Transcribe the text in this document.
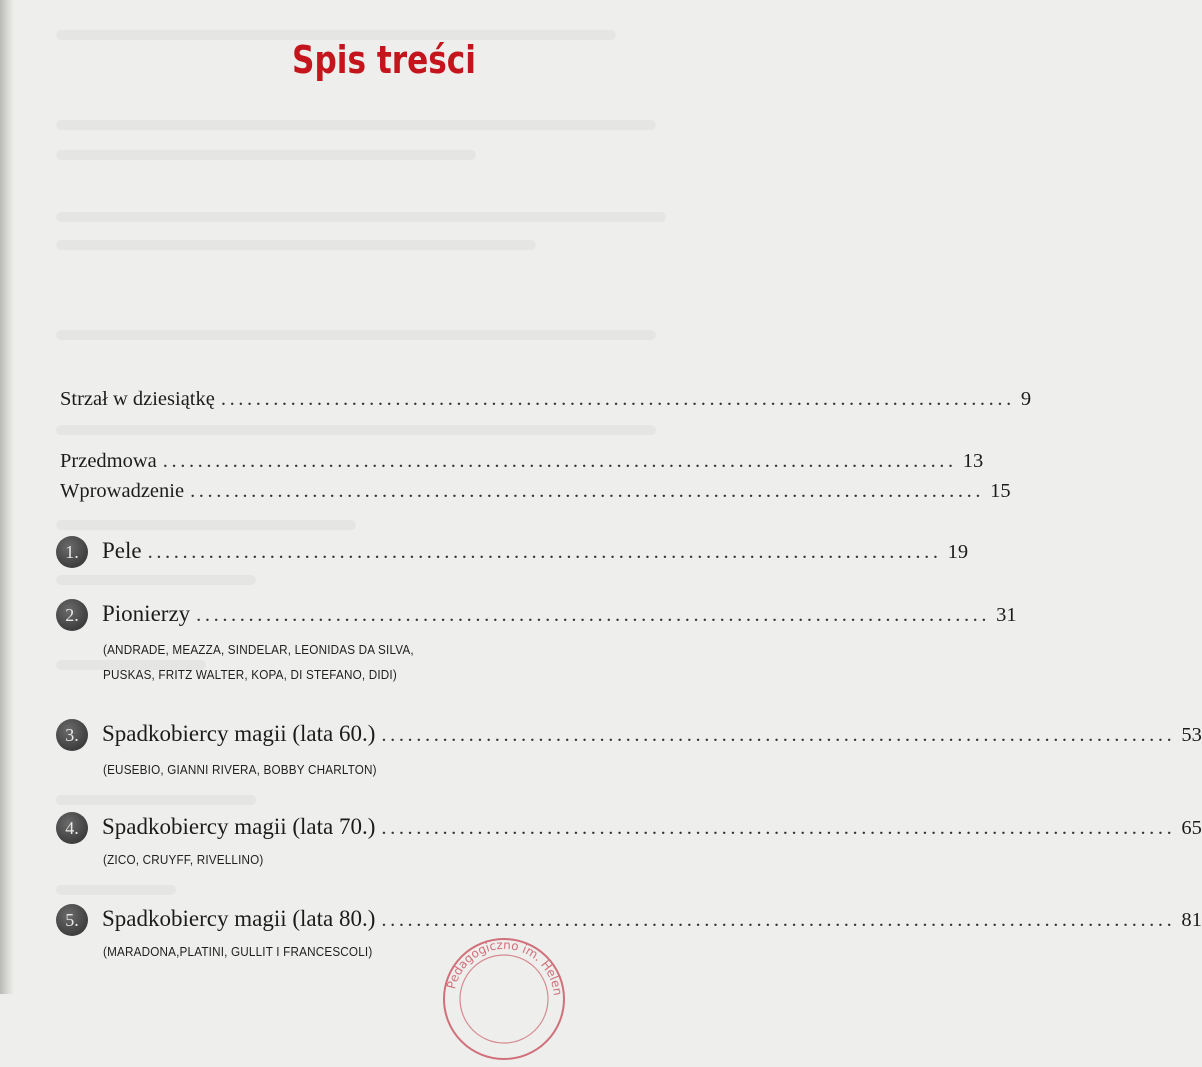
Spis treści
Strzał w dziesiątkę ........................................................................................... 9
Przedmowa ........................................................................................... 13
Wprowadzenie ........................................................................................... 15
1.	Pele ........................................................................................... 19
2.	Pionierzy ........................................................................................... 31
(ANDRADE, MEAZZA, SINDELAR, LEONIDAS DA SILVA,
PUSKAS, FRITZ WALTER, KOPA, DI STEFANO, DIDI)
3.	Spadkobiercy magii (lata 60.) ........................................................................................... 53
(EUSEBIO, GIANNI RIVERA, BOBBY CHARLTON)
4.	Spadkobiercy magii (lata 70.) ........................................................................................... 65
(ZICO, CRUYFF, RIVELLINO)
5.	Spadkobiercy magii (lata 80.) ........................................................................................... 81
(MARADONA,PLATINI, GULLIT I FRANCESCOLI)
Pedagogiczno im. Helen
